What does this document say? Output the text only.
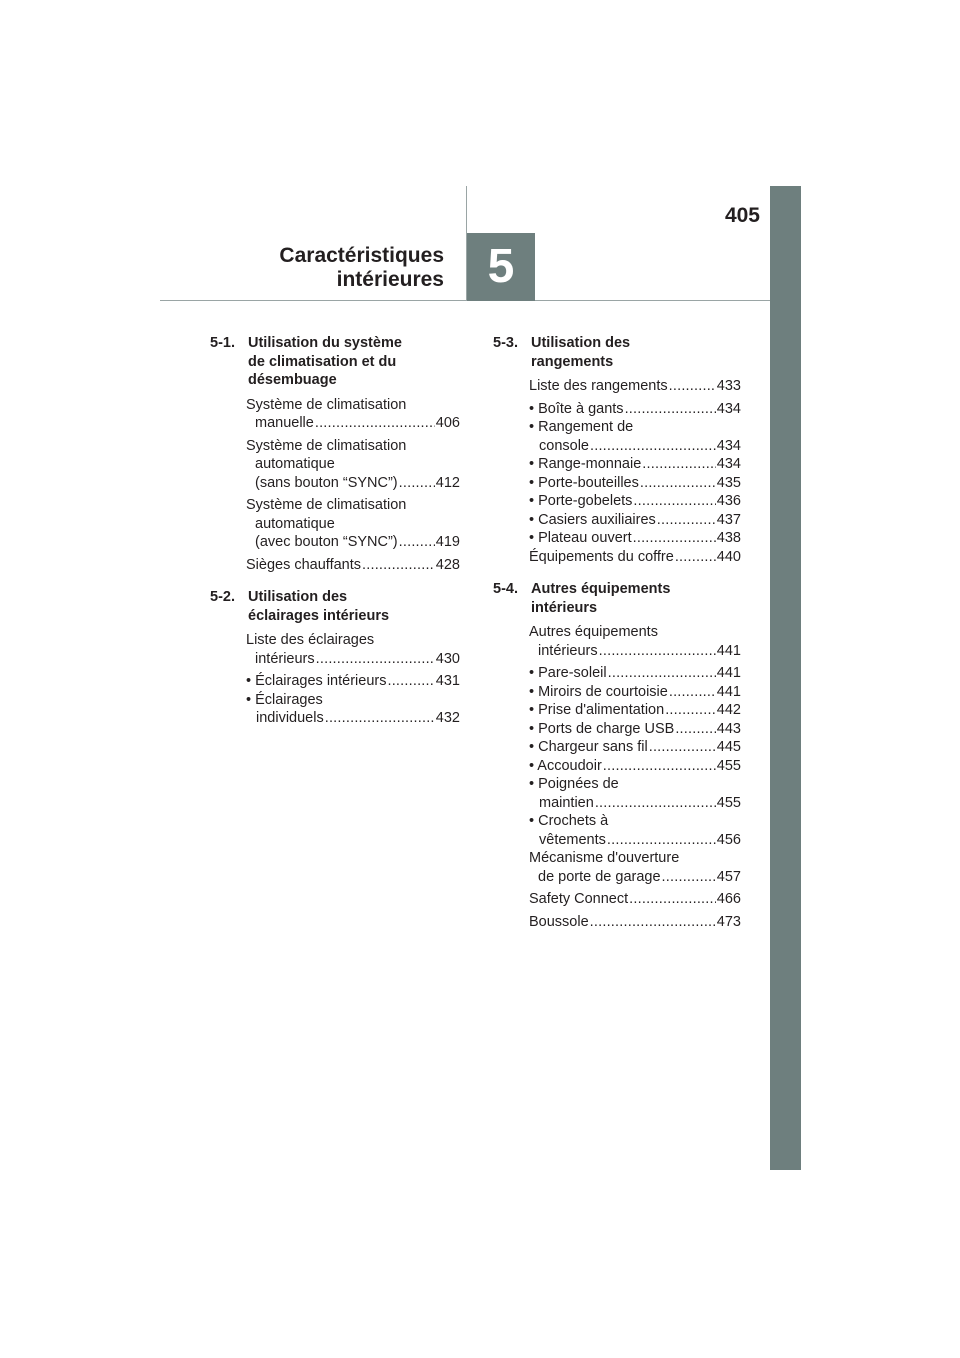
405
Caractéristiques
intérieures 5
5-1. Utilisation du système
de climatisation et du
désembuage
Système de climatisation
manuelle .....	406
Système de climatisation
automatique
(sans bouton “SYNC”) .....	412
Système de climatisation
automatique
(avec bouton “SYNC”) .....	419
Sièges chauffants .....	428
5-2. Utilisation des
éclairages intérieurs
Liste des éclairages
intérieurs .....	430
• Éclairages intérieurs .....	431
• Éclairages
individuels .....	432
5-3. Utilisation des
rangements
Liste des rangements .....	433
• Boîte à gants .....	434
• Rangement de
console .....	434
• Range-monnaie .....	434
• Porte-bouteilles .....	435
• Porte-gobelets .....	436
• Casiers auxiliaires .....	437
• Plateau ouvert .....	438
Équipements du coffre .....	440
5-4. Autres équipements
intérieurs
Autres équipements
intérieurs .....	441
• Pare-soleil .....	441
• Miroirs de courtoisie .....	441
• Prise d'alimentation .....	442
• Ports de charge USB .....	443
• Chargeur sans fil .....	445
• Accoudoir .....	455
• Poignées de
maintien .....	455
• Crochets à
vêtements .....	456
Mécanisme d'ouverture
de porte de garage .....	457
Safety Connect .....	466
Boussole .....	473
